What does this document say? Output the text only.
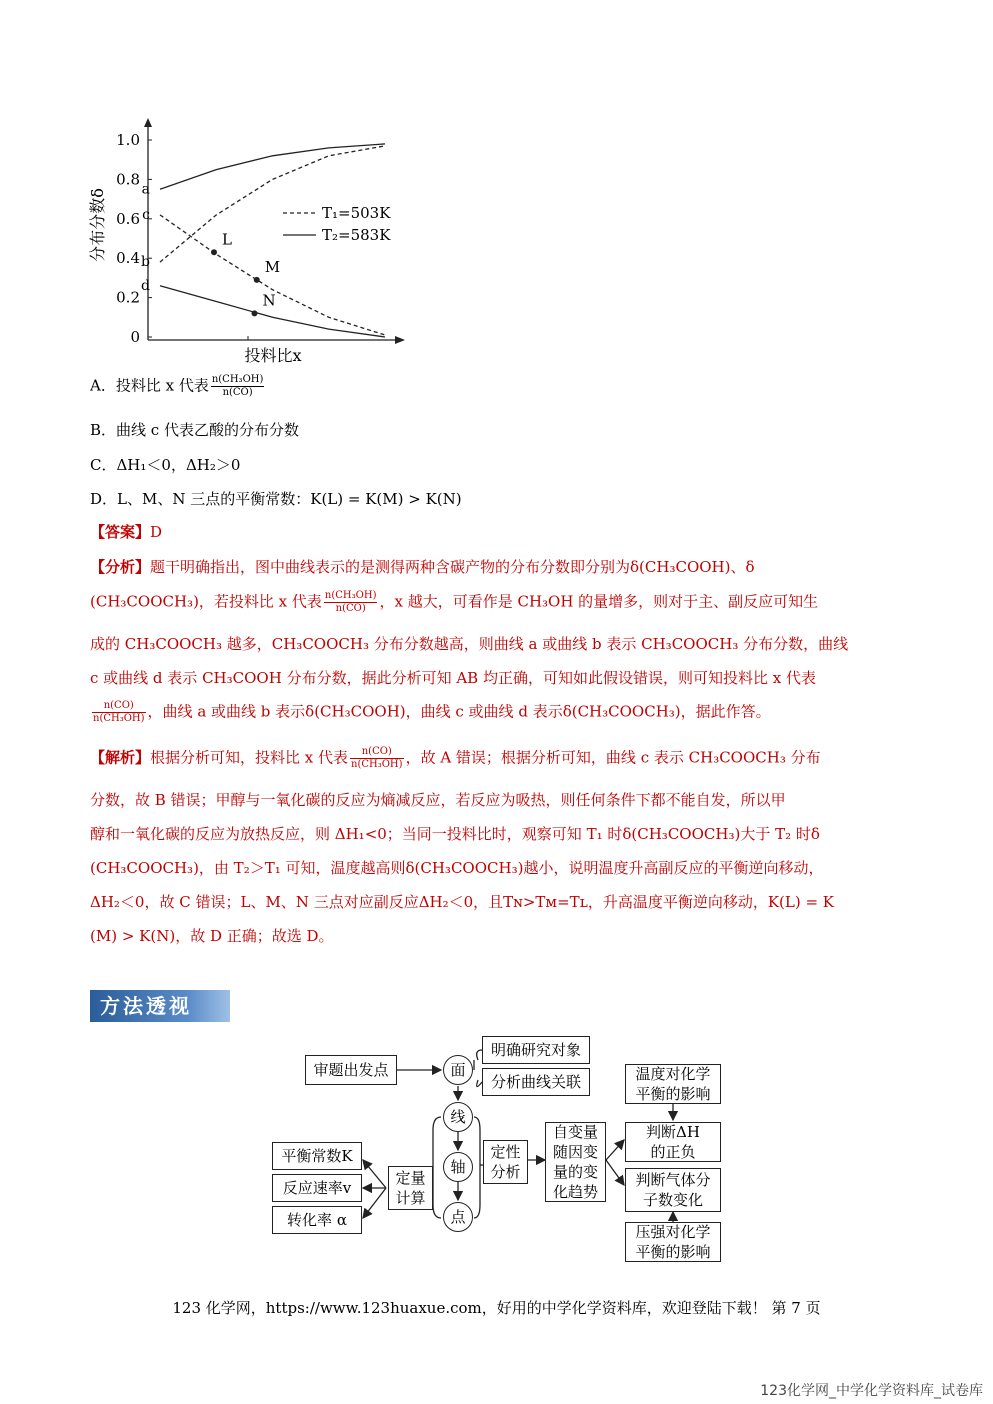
1.0
0.8
0.6
0.4
0.2
0
分布分数δ
投料比x
a
b
c
d
L
M
N
T₁=503K
T₂=583K
A．投料比 x 代表 $\frac{\text{n(CH₃OH)}}{n(CO)}$
B．曲线 c 代表乙酸的分布分数
C．ΔH₁＜0，ΔH₂＞0
D．L、M、N 三点的平衡常数：K(L) = K(M) > K(N)
【答案】D
【分析】题干明确指出，图中曲线表示的是测得两种含碳产物的分布分数即分别为δ(CH₃COOH)、δ
(CH₃COOCH₃)，若投料比 x 代表 $\frac{\text{n(CH₃OH)}}{n(CO)}$ ，x 越大，可看作是 CH₃OH 的量增多，则对于主、副反应可知生
成的 CH₃COOCH₃ 越多，CH₃COOCH₃ 分布分数越高，则曲线 a 或曲线 b 表示 CH₃COOCH₃ 分布分数，曲线
c 或曲线 d 表示 CH₃COOH 分布分数，据此分析可知 AB 均正确，可知如此假设错误，则可知投料比 x 代表
$\frac{n(CO)}{\text{n(CH₃OH)}}$ ，曲线 a 或曲线 b 表示δ(CH₃COOH)，曲线 c 或曲线 d 表示δ(CH₃COOCH₃)，据此作答。
【解析】根据分析可知，投料比 x 代表 $\frac{n(CO)}{\text{n(CH₃OH)}}$ ，故 A 错误；根据分析可知，曲线 c 表示 CH₃COOCH₃ 分布
分数，故 B 错误；甲醇与一氧化碳的反应为熵减反应，若反应为吸热，则任何条件下都不能自发，所以甲
醇和一氧化碳的反应为放热反应，则 ΔH₁<0；当同一投料比时，观察可知 T₁ 时δ(CH₃COOCH₃)大于 T₂ 时δ
(CH₃COOCH₃)，由 T₂＞T₁ 可知，温度越高则δ(CH₃COOCH₃)越小，说明温度升高副反应的平衡逆向移动，
ΔH₂＜0，故 C 错误；L、M、N 三点对应副反应ΔH₂＜0，且Tɴ>Tᴍ=Tʟ，升高温度平衡逆向移动，K(L) = K
(M) > K(N)，故 D 正确；故选 D。
方法透视
审题出发点	面
明确研究对象
分析曲线关联
线
轴
点
定性分析
定量计算
平衡常数K
反应速率v
转化率 α
自变量随因变量的变化趋势
温度对化学平衡的影响
判断ΔH的正负
判断气体分子数变化
压强对化学平衡的影响
123 化学网，https://www.123huaxue.com，好用的中学化学资料库，欢迎登陆下载！ 第 7 页
123化学网_中学化学资料库_试卷库
